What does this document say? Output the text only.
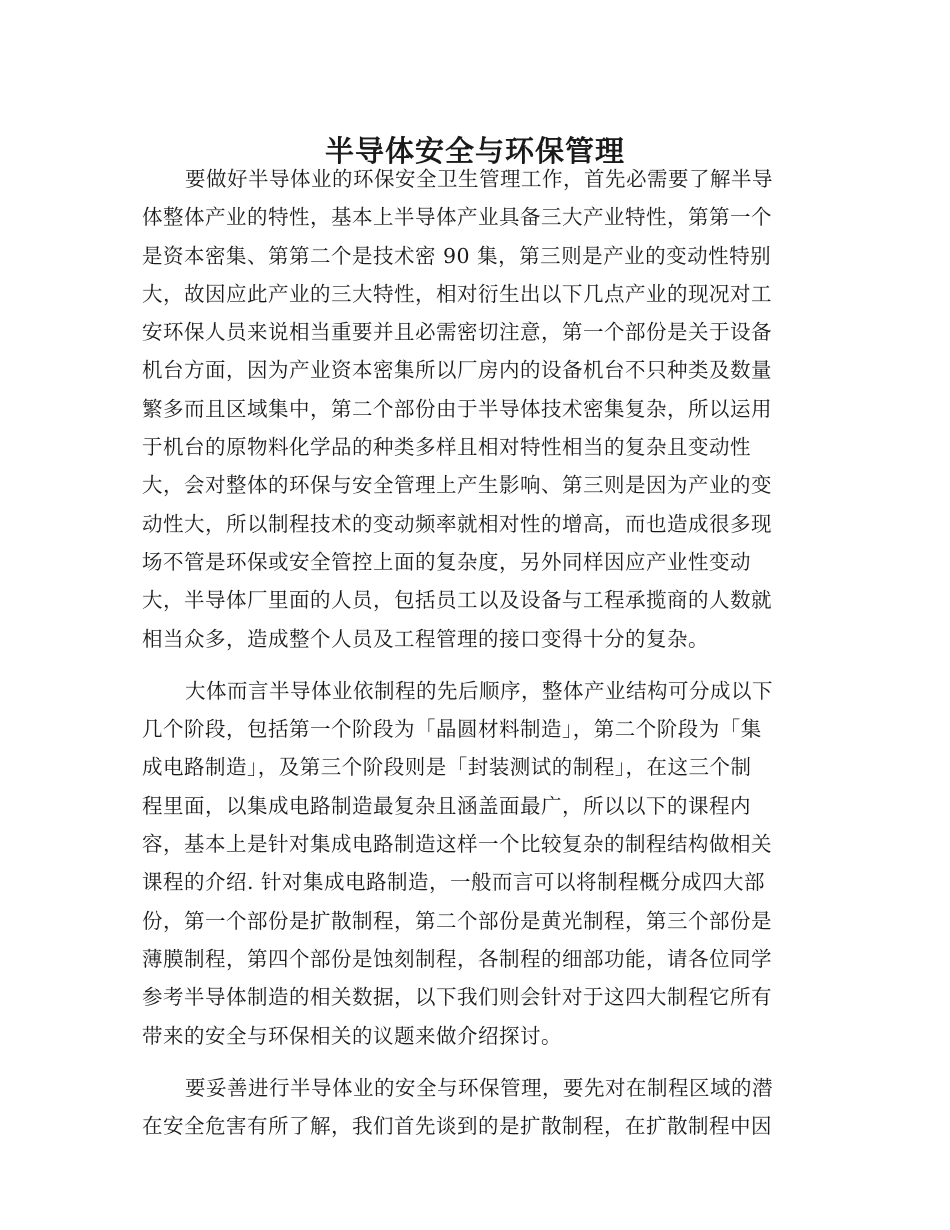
半导体安全与环保管理
要做好半导体业的环保安全卫生管理工作，首先必需要了解半导
体整体产业的特性，基本上半导体产业具备三大产业特性，第第一个
是资本密集、第第二个是技术密 90 集，第三则是产业的变动性特别
大，故因应此产业的三大特性，相对衍生出以下几点产业的现况对工
安环保人员来说相当重要并且必需密切注意，第一个部份是关于设备
机台方面，因为产业资本密集所以厂房内的设备机台不只种类及数量
繁多而且区域集中，第二个部份由于半导体技术密集复杂，所以运用
于机台的原物料化学品的种类多样且相对特性相当的复杂且变动性
大，会对整体的环保与安全管理上产生影响、第三则是因为产业的变
动性大，所以制程技术的变动频率就相对性的增高，而也造成很多现
场不管是环保或安全管控上面的复杂度，另外同样因应产业性变动
大，半导体厂里面的人员，包括员工以及设备与工程承揽商的人数就
相当众多，造成整个人员及工程管理的接口变得十分的复杂。
大体而言半导体业依制程的先后顺序，整体产业结构可分成以下
几个阶段，包括第一个阶段为「晶圆材料制造」，第二个阶段为「集
成电路制造」，及第三个阶段则是「封装测试的制程」，在这三个制
程里面，以集成电路制造最复杂且涵盖面最广，所以以下的课程内
容，基本上是针对集成电路制造这样一个比较复杂的制程结构做相关
课程的介绍. 针对集成电路制造，一般而言可以将制程概分成四大部
份，第一个部份是扩散制程，第二个部份是黄光制程，第三个部份是
薄膜制程，第四个部份是蚀刻制程，各制程的细部功能，请各位同学
参考半导体制造的相关数据，以下我们则会针对于这四大制程它所有
带来的安全与环保相关的议题来做介绍探讨。
要妥善进行半导体业的安全与环保管理，要先对在制程区域的潜
在安全危害有所了解，我们首先谈到的是扩散制程，在扩散制程中因
